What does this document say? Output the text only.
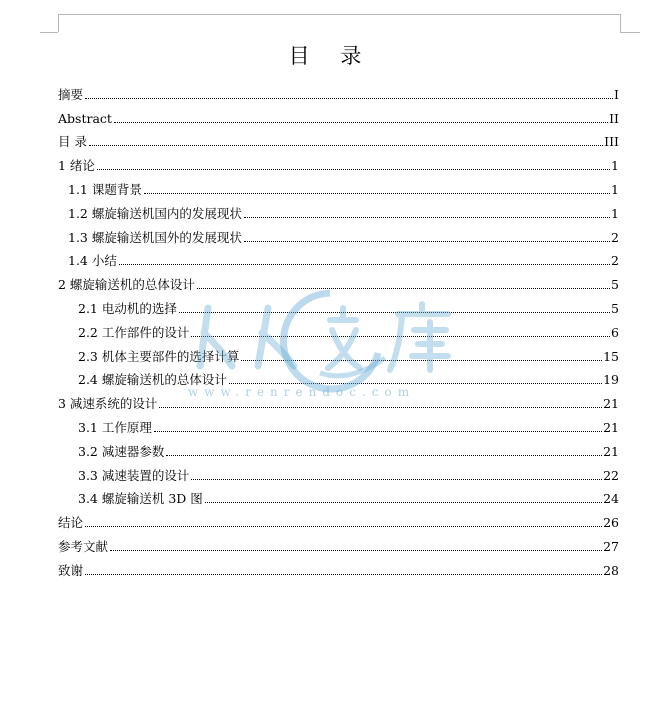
目 录
摘要	I
Abstract	II
目 录	III
1 绪论	1
1.1 课题背景	1
1.2 螺旋输送机国内的发展现状	1
1.3 螺旋输送机国外的发展现状	2
1.4 小结	2
2 螺旋输送机的总体设计	5
2.1 电动机的选择	5
2.2 工作部件的设计	6
2.3 机体主要部件的选择计算	15
2.4 螺旋输送机的总体设计	19
3 减速系统的设计	21
3.1 工作原理	21
3.2 减速器参数	21
3.3 减速装置的设计	22
3.4 螺旋输送机 3D 图	24
结论	26
参考文献	27
致谢	28
www.renrendoc.com
